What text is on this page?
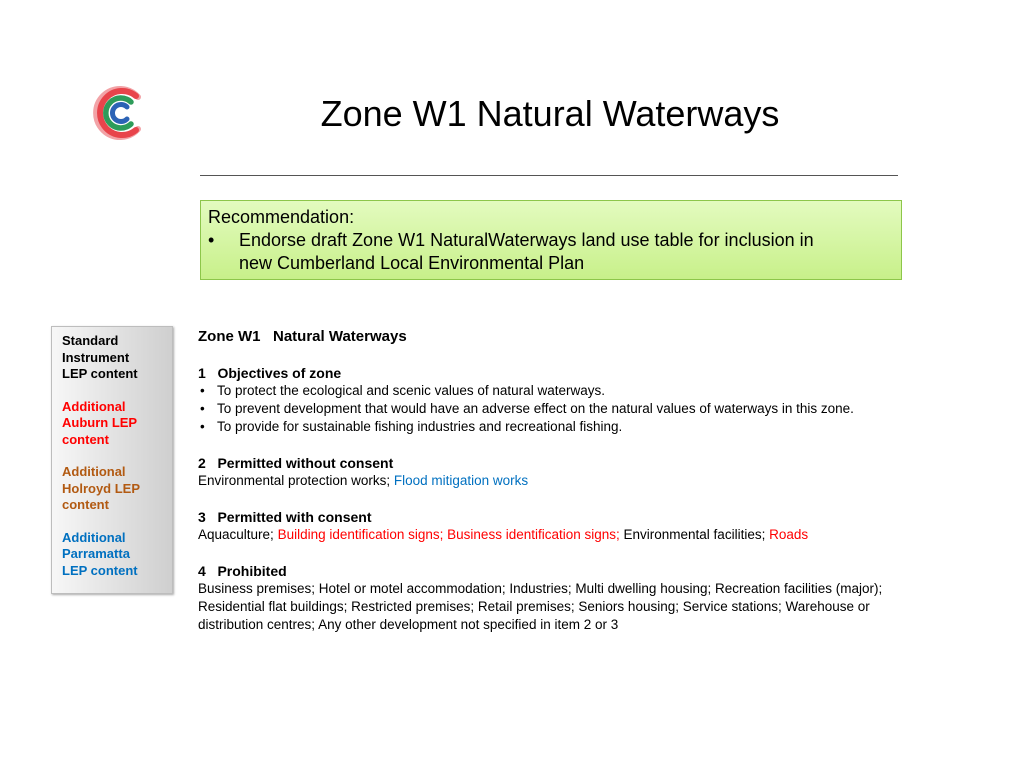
Zone W1 Natural Waterways
Recommendation:
• Endorse draft Zone W1 NaturalWaterways land use table for inclusion in
new Cumberland Local Environmental Plan
Standard
Instrument
LEP content
Additional
Auburn LEP
content
Additional
Holroyd LEP
content
Additional
Parramatta
LEP content
Zone W1   Natural Waterways
1   Objectives of zone
• To protect the ecological and scenic values of natural waterways.
• To prevent development that would have an adverse effect on the natural values of waterways in this zone.
• To provide for sustainable fishing industries and recreational fishing.
2   Permitted without consent

Environmental protection works; Flood mitigation works

3   Permitted with consent

Aquaculture; Building identification signs; Business identification signs; Environmental facilities; Roads

4   Prohibited

Business premises; Hotel or motel accommodation; Industries; Multi dwelling housing; Recreation facilities (major); Residential flat buildings; Restricted premises; Retail premises; Seniors housing; Service stations; Warehouse or distribution centres; Any other development not specified in item 2 or 3
